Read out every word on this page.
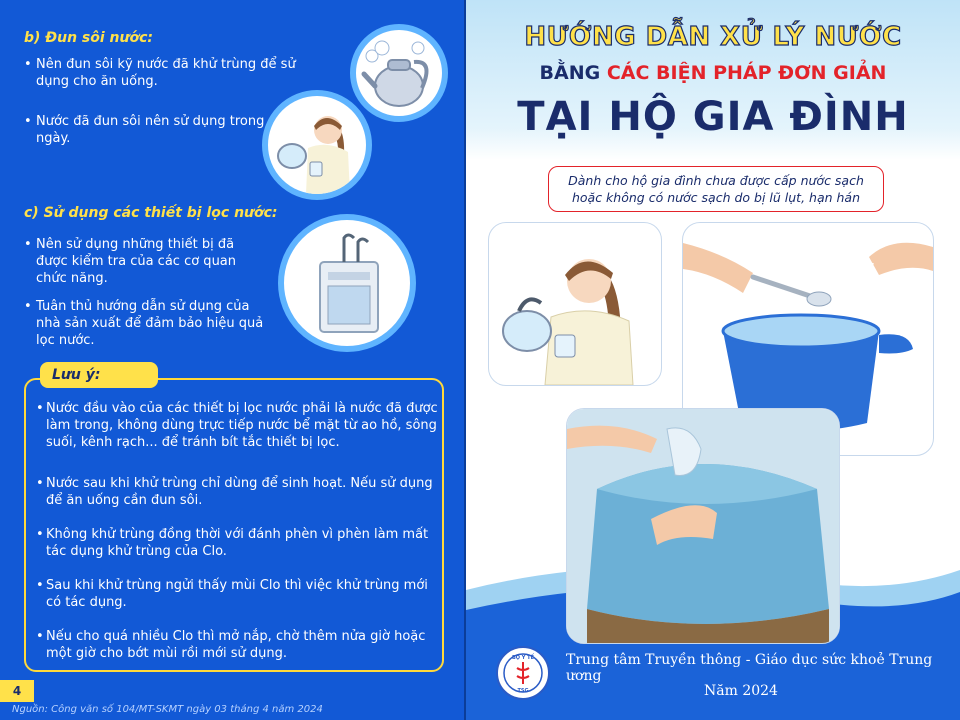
b) Đun sôi nước:
• Nên đun sôi kỹ nước đã khử trùng để sử dụng cho ăn uống.
• Nước đã đun sôi nên sử dụng trong ngày.
c) Sử dụng các thiết bị lọc nước:
• Nên sử dụng những thiết bị đã được kiểm tra của các cơ quan chức năng.
• Tuân thủ hướng dẫn sử dụng của nhà sản xuất để đảm bảo hiệu quả lọc nước.
Lưu ý:
• Nước đầu vào của các thiết bị lọc nước phải là nước đã được làm trong, không dùng trực tiếp nước bể mặt từ ao hồ, sông suối, kênh rạch... để tránh bít tắc thiết bị lọc.
• Nước sau khi khử trùng chỉ dùng để sinh hoạt. Nếu sử dụng để ăn uống cần đun sôi.
• Không khử trùng đồng thời với đánh phèn vì phèn làm mất tác dụng khử trùng của Clo.
• Sau khi khử trùng ngửi thấy mùi Clo thì việc khử trùng mới có tác dụng.
• Nếu cho quá nhiều Clo thì mở nắp, chờ thêm nửa giờ hoặc một giờ cho bớt mùi rồi mới sử dụng.
4
Nguồn: Công văn số 104/MT-SKMT ngày 03 tháng 4 năm 2024
HƯỚNG DẪN XỬ LÝ NƯỚC
BẰNG CÁC BIỆN PHÁP ĐƠN GIẢN
TẠI HỘ GIA ĐÌNH
Dành cho hộ gia đình chưa được cấp nước sạch
hoặc không có nước sạch do bị lũ lụt, hạn hán
BỘ Y TẾ
TSG
Trung tâm Truyền thông - Giáo dục sức khoẻ Trung ương
Năm 2024
